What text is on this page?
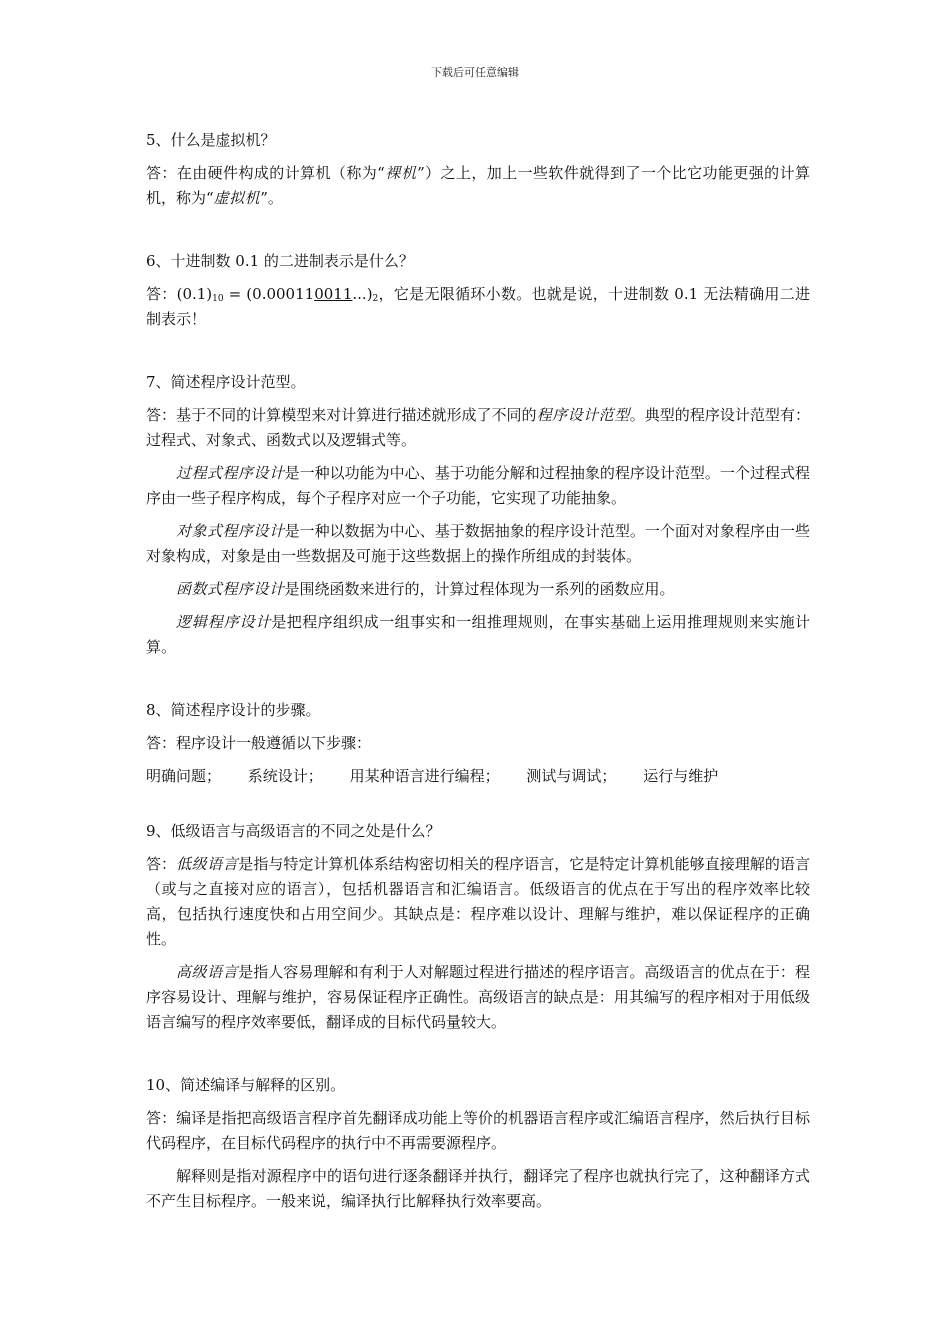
下载后可任意编辑
5、什么是虚拟机？
答：在由硬件构成的计算机（称为“裸机”）之上，加上一些软件就得到了一个比它功能更强的计算机，称为“虚拟机”。
6、十进制数 0.1 的二进制表示是什么？
答：$(0.1)_{10} = (0.000110011...)_2$，它是无限循环小数。也就是说，十进制数 0.1 无法精确用二进制表示！
7、简述程序设计范型。
答：基于不同的计算模型来对计算进行描述就形成了不同的程序设计范型。典型的程序设计范型有：过程式、对象式、函数式以及逻辑式等。
过程式程序设计是一种以功能为中心、基于功能分解和过程抽象的程序设计范型。一个过程式程序由一些子程序构成，每个子程序对应一个子功能，它实现了功能抽象。
对象式程序设计是一种以数据为中心、基于数据抽象的程序设计范型。一个面对对象程序由一些对象构成，对象是由一些数据及可施于这些数据上的操作所组成的封装体。
函数式程序设计是围绕函数来进行的，计算过程体现为一系列的函数应用。
逻辑程序设计是把程序组织成一组事实和一组推理规则，在事实基础上运用推理规则来实施计算。
8、简述程序设计的步骤。
答：程序设计一般遵循以下步骤：
明确问题； 系统设计； 用某种语言进行编程； 测试与调试； 运行与维护
9、低级语言与高级语言的不同之处是什么？
答：低级语言是指与特定计算机体系结构密切相关的程序语言，它是特定计算机能够直接理解的语言（或与之直接对应的语言），包括机器语言和汇编语言。低级语言的优点在于写出的程序效率比较高，包括执行速度快和占用空间少。其缺点是：程序难以设计、理解与维护，难以保证程序的正确性。
高级语言是指人容易理解和有利于人对解题过程进行描述的程序语言。高级语言的优点在于：程序容易设计、理解与维护，容易保证程序正确性。高级语言的缺点是：用其编写的程序相对于用低级语言编写的程序效率要低，翻译成的目标代码量较大。
10、简述编译与解释的区别。
答：编译是指把高级语言程序首先翻译成功能上等价的机器语言程序或汇编语言程序，然后执行目标代码程序，在目标代码程序的执行中不再需要源程序。
解释则是指对源程序中的语句进行逐条翻译并执行，翻译完了程序也就执行完了，这种翻译方式不产生目标程序。一般来说，编译执行比解释执行效率要高。
